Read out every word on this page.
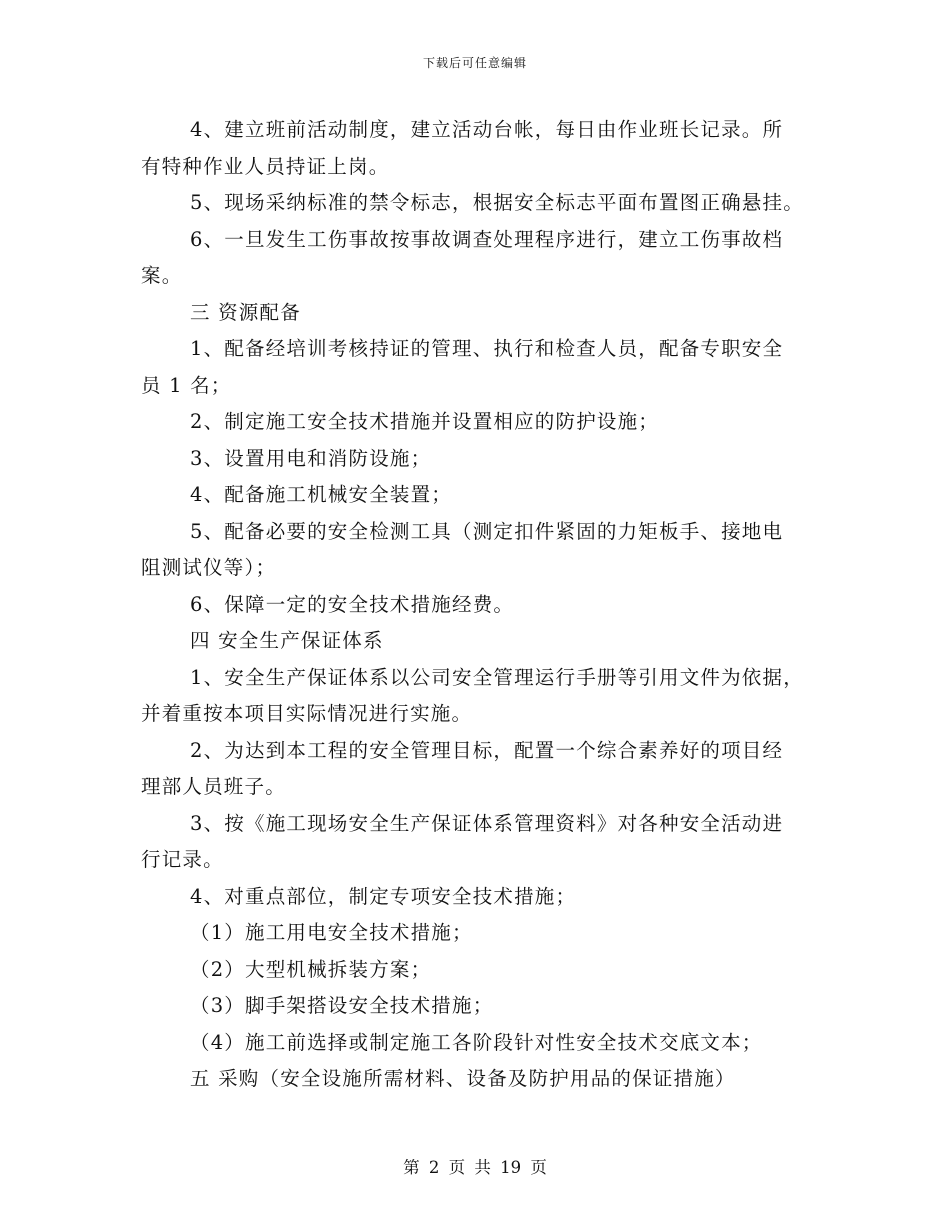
下载后可任意编辑
4、建立班前活动制度，建立活动台帐，每日由作业班长记录。所
有特种作业人员持证上岗。
5、现场采纳标准的禁令标志，根据安全标志平面布置图正确悬挂。
6、一旦发生工伤事故按事故调查处理程序进行，建立工伤事故档
案。
三 资源配备
1、配备经培训考核持证的管理、执行和检查人员，配备专职安全
员 1 名；
2、制定施工安全技术措施并设置相应的防护设施；
3、设置用电和消防设施；
4、配备施工机械安全装置；
5、配备必要的安全检测工具（测定扣件紧固的力矩板手、接地电
阻测试仪等）；
6、保障一定的安全技术措施经费。
四 安全生产保证体系
1、安全生产保证体系以公司安全管理运行手册等引用文件为依据，
并着重按本项目实际情况进行实施。
2、为达到本工程的安全管理目标，配置一个综合素养好的项目经
理部人员班子。
3、按《施工现场安全生产保证体系管理资料》对各种安全活动进
行记录。
4、对重点部位，制定专项安全技术措施；
（1）施工用电安全技术措施；
（2）大型机械拆装方案；
（3）脚手架搭设安全技术措施；
（4）施工前选择或制定施工各阶段针对性安全技术交底文本；
五 采购（安全设施所需材料、设备及防护用品的保证措施）
第 2 页 共 19 页
